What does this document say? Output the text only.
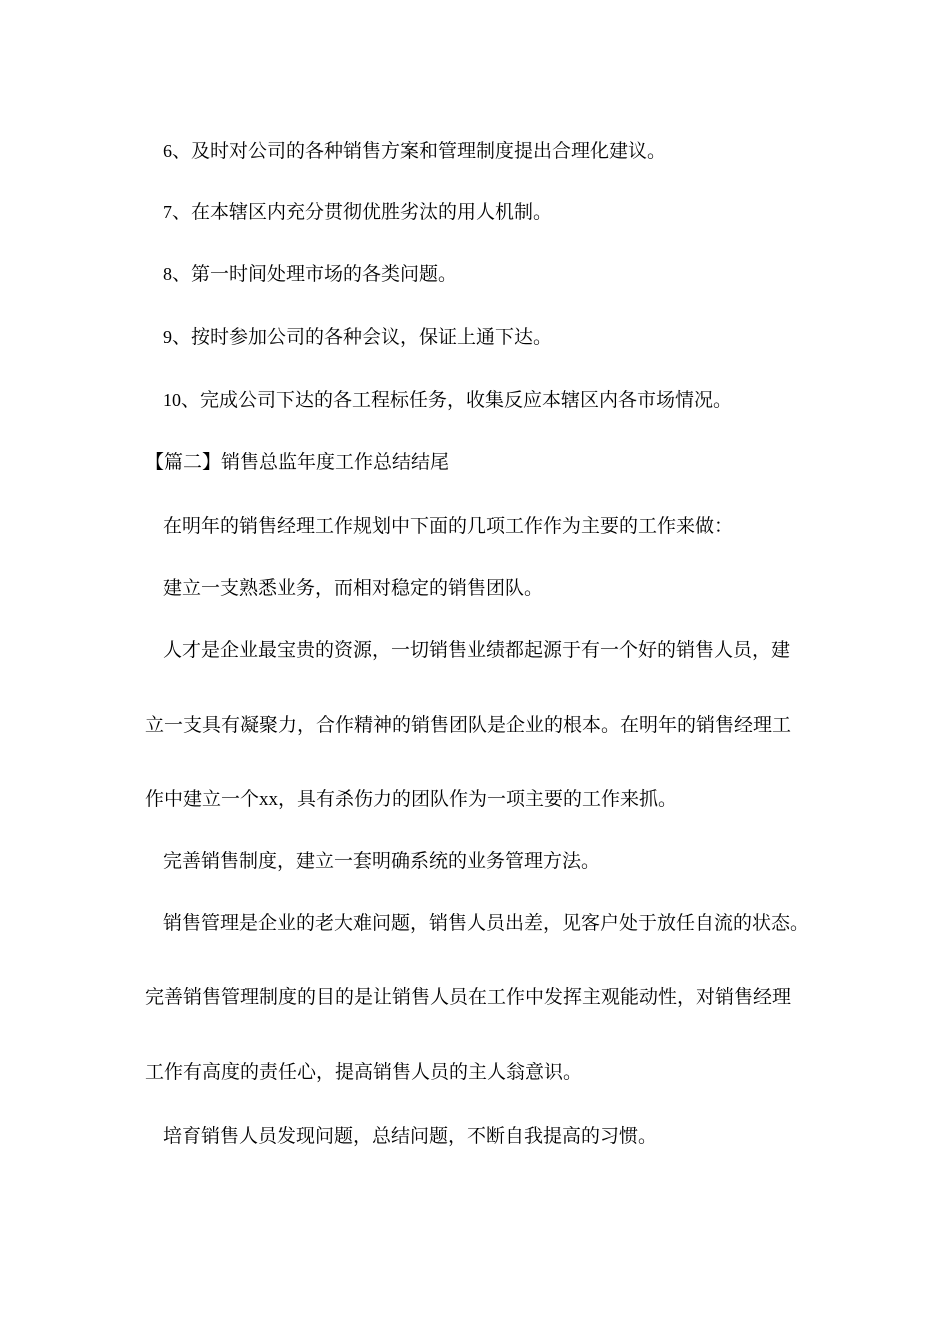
6、及时对公司的各种销售方案和管理制度提出合理化建议。
7、在本辖区内充分贯彻优胜劣汰的用人机制。
8、第一时间处理市场的各类问题。
9、按时参加公司的各种会议，保证上通下达。
10、完成公司下达的各工程标任务，收集反应本辖区内各市场情况。
【篇二】销售总监年度工作总结结尾
在明年的销售经理工作规划中下面的几项工作作为主要的工作来做：
建立一支熟悉业务，而相对稳定的销售团队。
人才是企业最宝贵的资源，一切销售业绩都起源于有一个好的销售人员，建
立一支具有凝聚力，合作精神的销售团队是企业的根本。在明年的销售经理工
作中建立一个xx，具有杀伤力的团队作为一项主要的工作来抓。
完善销售制度，建立一套明确系统的业务管理方法。
销售管理是企业的老大难问题，销售人员出差，见客户处于放任自流的状态。
完善销售管理制度的目的是让销售人员在工作中发挥主观能动性，对销售经理
工作有高度的责任心，提高销售人员的主人翁意识。
培育销售人员发现问题，总结问题，不断自我提高的习惯。
